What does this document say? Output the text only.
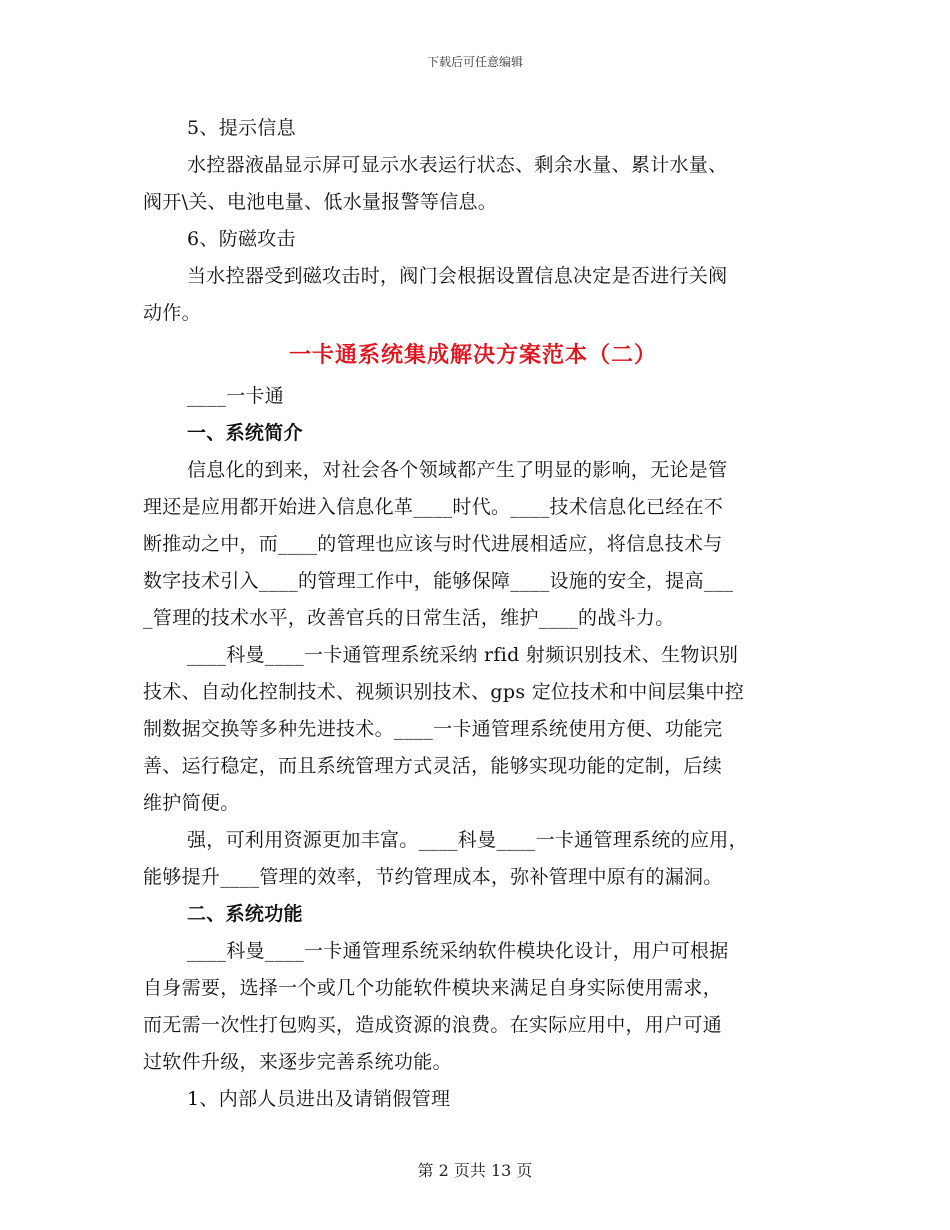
下载后可任意编辑
5、提示信息
水控器液晶显示屏可显示水表运行状态、剩余水量、累计水量、
阀开\关、电池电量、低水量报警等信息。
6、防磁攻击
当水控器受到磁攻击时，阀门会根据设置信息决定是否进行关阀
动作。
一卡通系统集成解决方案范本（二）
____一卡通
一、系统简介
信息化的到来，对社会各个领域都产生了明显的影响，无论是管
理还是应用都开始进入信息化革____时代。____技术信息化已经在不
断推动之中，而____的管理也应该与时代进展相适应，将信息技术与
数字技术引入____的管理工作中，能够保障____设施的安全，提高___
_管理的技术水平，改善官兵的日常生活，维护____的战斗力。
____科曼____一卡通管理系统采纳 rfid 射频识别技术、生物识别
技术、自动化控制技术、视频识别技术、gps 定位技术和中间层集中控
制数据交换等多种先进技术。____一卡通管理系统使用方便、功能完
善、运行稳定，而且系统管理方式灵活，能够实现功能的定制，后续
维护简便。
强，可利用资源更加丰富。____科曼____一卡通管理系统的应用，
能够提升____管理的效率，节约管理成本，弥补管理中原有的漏洞。
二、系统功能
____科曼____一卡通管理系统采纳软件模块化设计，用户可根据
自身需要，选择一个或几个功能软件模块来满足自身实际使用需求，
而无需一次性打包购买，造成资源的浪费。在实际应用中，用户可通
过软件升级，来逐步完善系统功能。
1、内部人员进出及请销假管理
第 2 页共 13 页
